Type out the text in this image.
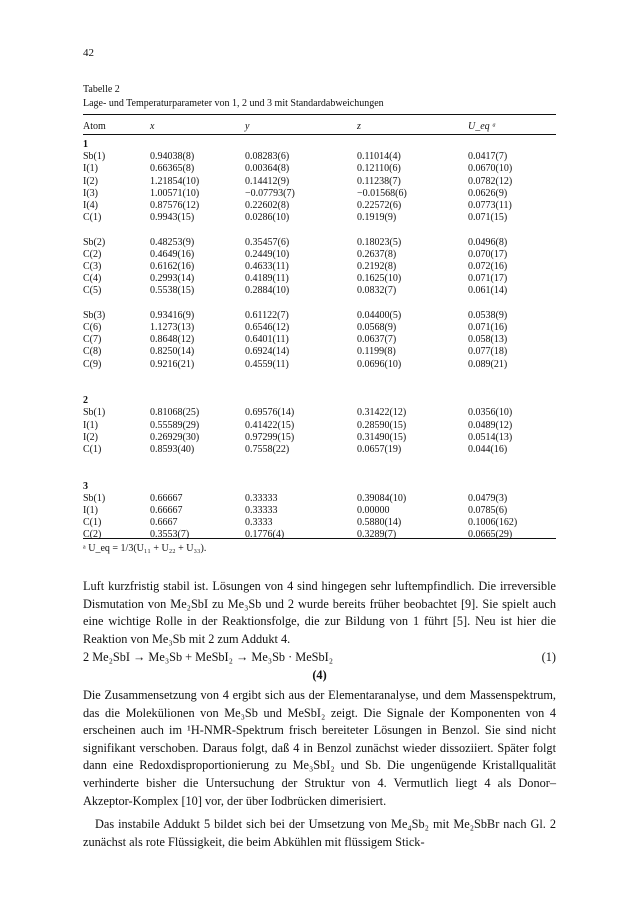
42
Tabelle 2
Lage- und Temperaturparameter von 1, 2 und 3 mit Standardabweichungen
Atom	x	y	z	U_eq ᵃ
1
Sb(1)	0.94038(8)	0.08283(6)	0.11014(4)	0.0417(7)
I(1)	0.66365(8)	0.00364(8)	0.12110(6)	0.0670(10)
I(2)	1.21854(10)	0.14412(9)	0.11238(7)	0.0782(12)
I(3)	1.00571(10)	−0.07793(7)	−0.01568(6)	0.0626(9)
I(4)	0.87576(12)	0.22602(8)	0.22572(6)	0.0773(11)
C(1)	0.9943(15)	0.0286(10)	0.1919(9)	0.071(15)
Sb(2)	0.48253(9)	0.35457(6)	0.18023(5)	0.0496(8)
C(2)	0.4649(16)	0.2449(10)	0.2637(8)	0.070(17)
C(3)	0.6162(16)	0.4633(11)	0.2192(8)	0.072(16)
C(4)	0.2993(14)	0.4189(11)	0.1625(10)	0.071(17)
C(5)	0.5538(15)	0.2884(10)	0.0832(7)	0.061(14)
Sb(3)	0.93416(9)	0.61122(7)	0.04400(5)	0.0538(9)
C(6)	1.1273(13)	0.6546(12)	0.0568(9)	0.071(16)
C(7)	0.8648(12)	0.6401(11)	0.0637(7)	0.058(13)
C(8)	0.8250(14)	0.6924(14)	0.1199(8)	0.077(18)
C(9)	0.9216(21)	0.4559(11)	0.0696(10)	0.089(21)
2
Sb(1)	0.81068(25)	0.69576(14)	0.31422(12)	0.0356(10)
I(1)	0.55589(29)	0.41422(15)	0.28590(15)	0.0489(12)
I(2)	0.26929(30)	0.97299(15)	0.31490(15)	0.0514(13)
C(1)	0.8593(40)	0.7558(22)	0.0657(19)	0.044(16)
3
Sb(1)	0.66667	0.33333	0.39084(10)	0.0479(3)
I(1)	0.66667	0.33333	0.00000	0.0785(6)
C(1)	0.6667	0.3333	0.5880(14)	0.1006(162)
C(2)	0.3553(7)	0.1776(4)	0.3289(7)	0.0665(29)
ᵃ U_eq = 1/3(U₁₁ + U₂₂ + U₃₃).

Luft kurzfristig stabil ist. Lösungen von 4 sind hingegen sehr luftempfindlich. Die irreversible Dismutation von Me₂SbI zu Me₃Sb und 2 wurde bereits früher beobachtet [9]. Sie spielt auch eine wichtige Rolle in der Reaktionsfolge, die zur Bildung von 1 führt [5]. Neu ist hier die Reaktion von Me₃Sb mit 2 zum Addukt 4.

2 Me₂SbI → Me₃Sb + MeSbI₂ → Me₃Sb · MeSbI₂	(1)
(4)

Die Zusammensetzung von 4 ergibt sich aus der Elementaranalyse, und dem Massenspektrum, das die Molekülionen von Me₃Sb und MeSbI₂ zeigt. Die Signale der Komponenten von 4 erscheinen auch im ¹H-NMR-Spektrum frisch bereiteter Lösungen in Benzol. Sie sind nicht signifikant verschoben. Daraus folgt, daß 4 in Benzol zunächst wieder dissoziiert. Später folgt dann eine Redoxdisproportionierung zu Me₃SbI₂ und Sb. Die ungenügende Kristallqualität verhinderte bisher die Untersuchung der Struktur von 4. Vermutlich liegt 4 als Donor–Akzeptor-Komplex [10] vor, der über Iodbrücken dimerisiert.

Das instabile Addukt 5 bildet sich bei der Umsetzung von Me₄Sb₂ mit Me₂SbBr nach Gl. 2 zunächst als rote Flüssigkeit, die beim Abkühlen mit flüssigem Stick-
